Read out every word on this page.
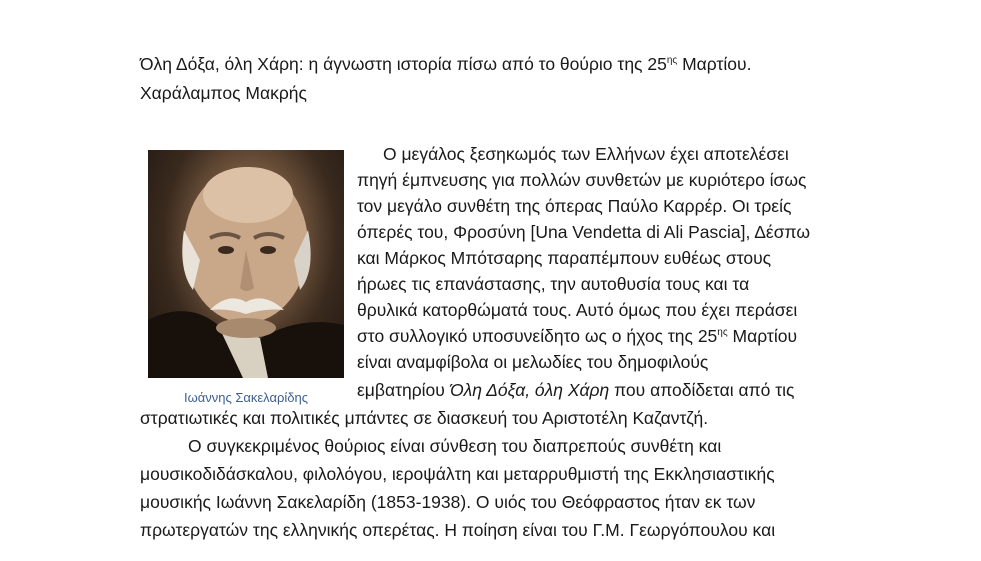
Όλη Δόξα, όλη Χάρη: η άγνωστη ιστορία πίσω από το θούριο της $25^{\eta\varsigma}$ Μαρτίου.
Χαράλαμπος Μακρής
Ιωάννης Σακελαρίδης
Ο μεγάλος ξεσηκωμός των Ελλήνων έχει αποτελέσει
πηγή έμπνευσης για πολλών συνθετών με κυριότερο ίσως
τον μεγάλο συνθέτη της όπερας Παύλο Καρρέρ. Οι τρείς
όπερές του, Φροσύνη [Una Vendetta di Ali Pascia], Δέσπω
και Μάρκος Μπότσαρης παραπέμπουν ευθέως στους
ήρωες τις επανάστασης, την αυτοθυσία τους και τα
θρυλικά κατορθώματά τους. Αυτό όμως που έχει περάσει
στο συλλογικό υποσυνείδητο ως ο ήχος της $25^{\eta\varsigma}$ Μαρτίου
είναι αναμφίβολα οι μελωδίες του δημοφιλούς
εμβατηρίου Όλη Δόξα, όλη Χάρη που αποδίδεται από τις
στρατιωτικές και πολιτικές μπάντες σε διασκευή του Αριστοτέλη Καζαντζή.
Ο συγκεκριμένος θούριος είναι σύνθεση του διαπρεπούς συνθέτη και
μουσικοδιδάσκαλου, φιλολόγου, ιεροψάλτη και μεταρρυθμιστή της Εκκλησιαστικής
μουσικής Ιωάννη Σακελαρίδη (1853-1938). Ο υιός του Θεόφραστος ήταν εκ των
πρωτεργατών της ελληνικής οπερέτας. Η ποίηση είναι του Γ.Μ. Γεωργόπουλου και
